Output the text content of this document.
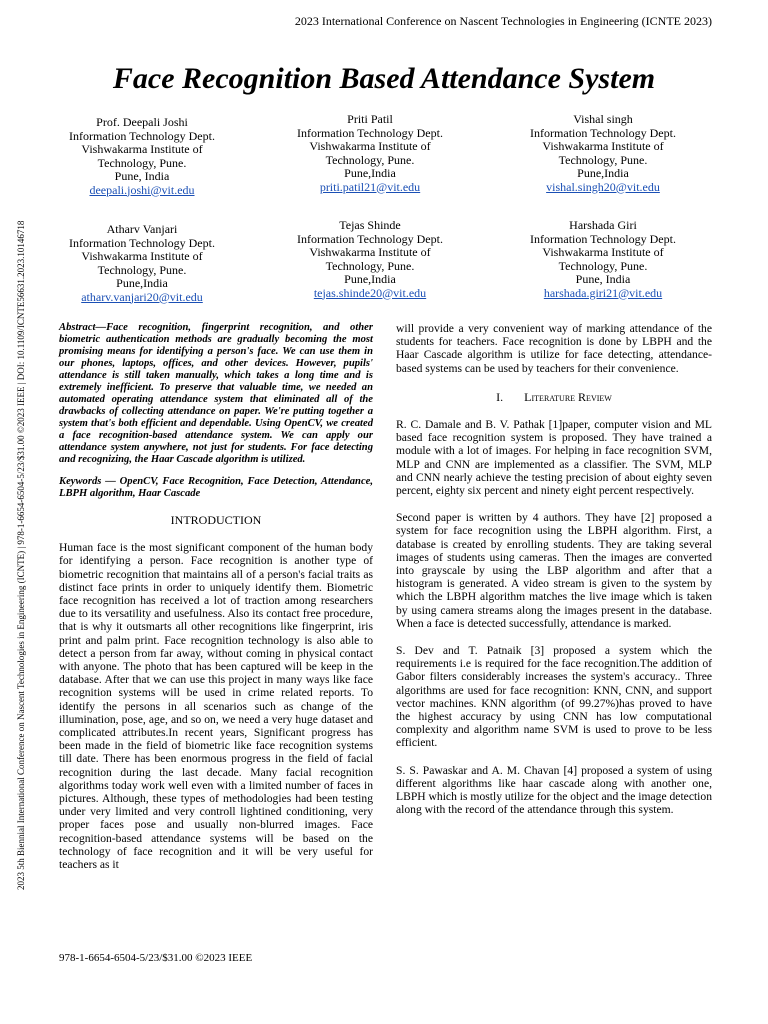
2023 International Conference on Nascent Technologies in Engineering (ICNTE 2023)
Face Recognition Based Attendance System
2023 5th Biennial International Conference on Nascent Technologies in Engineering (ICNTE) | 978-1-6654-6504-5/23/$31.00 ©2023 IEEE | DOI: 10.1109/ICNTE56631.2023.10146718
Prof. Deepali Joshi
Information Technology Dept.
Vishwakarma Institute of
Technology, Pune.
Pune, India
deepali.joshi@vit.edu
Priti Patil
Information Technology Dept.
Vishwakarma Institute of
Technology, Pune.
Pune,India
priti.patil21@vit.edu
Vishal singh
Information Technology Dept.
Vishwakarma Institute of
Technology, Pune.
Pune,India
vishal.singh20@vit.edu
Atharv Vanjari
Information Technology Dept.
Vishwakarma Institute of
Technology, Pune.
Pune,India
atharv.vanjari20@vit.edu
Tejas Shinde
Information Technology Dept.
Vishwakarma Institute of
Technology, Pune.
Pune,India
tejas.shinde20@vit.edu
Harshada Giri
Information Technology Dept.
Vishwakarma Institute of
Technology, Pune.
Pune, India
harshada.giri21@vit.edu

Abstract—Face recognition, fingerprint recognition, and other biometric authentication methods are gradually becoming the most promising means for identifying a person's face. We can use them in our phones, laptops, offices, and other devices. However, pupils' attendance is still taken manually, which takes a long time and is extremely inefficient. To preserve that valuable time, we needed an automated operating attendance system that eliminated all of the drawbacks of collecting attendance on paper. We're putting together a system that's both efficient and dependable. Using OpenCV, we created a face recognition-based attendance system. We can apply our attendance system anywhere, not just for students. For face detecting and recognizing, the Haar Cascade algorithm is utilized.

Keywords — OpenCV, Face Recognition, Face Detection, Attendance, LBPH algorithm, Haar Cascade

INTRODUCTION

Human face is the most significant component of the human body for identifying a person. Face recognition is another type of biometric recognition that maintains all of a person's facial traits as distinct face prints in order to uniquely identify them. Biometric face recognition has received a lot of traction among researchers due to its versatility and usefulness. Also its contact free procedure, that is why it outsmarts all other recognitions like fingerprint, iris print and palm print. Face recognition technology is also able to detect a person from far away, without coming in physical contact with anyone. The photo that has been captured will be keep in the database. After that we can use this project in many ways like face recognition systems will be used in crime related reports. To identify the persons in all scenarios such as change of the illumination, pose, age, and so on, we need a very huge dataset and complicated attributes.In recent years, Significant progress has been made in the field of biometric like face recognition systems till date. There has been enormous progress in the field of facial recognition during the last decade. Many facial recognition algorithms today work well even with a limited number of faces in pictures. Although, these types of methodologies had been testing under very limited and very controll lightined conditioning, very proper faces pose and usually non-blurred images. Face recognition-based attendance systems will be based on the technology of face recognition and it will be very useful for teachers as it

will provide a very convenient way of marking attendance of the students for teachers. Face recognition is done by LBPH and the Haar Cascade algorithm is utilize for face detecting, attendance-based systems can be used by teachers for their convenience.

I. Literature Review

R. C. Damale and B. V. Pathak [1]paper, computer vision and ML based face recognition system is proposed. They have trained a module with a lot of images. For helping in face recognition SVM, MLP and CNN are implemented as a classifier. The SVM, MLP and CNN nearly achieve the testing precision of about eighty seven percent, eighty six percent and ninety eight percent respectively.

Second paper is written by 4 authors. They have [2] proposed a system for face recognition using the LBPH algorithm. First, a database is created by enrolling students. They are taking several images of students using cameras. Then the images are converted into grayscale by using the LBP algorithm and after that a histogram is generated. A video stream is given to the system by which the LBPH algorithm matches the live image which is taken by using camera streams along the images present in the database. When a face is detected successfully, attendance is marked.

S. Dev and T. Patnaik [3] proposed a system which the requirements i.e is required for the face recognition.The addition of Gabor filters considerably increases the system's accuracy.. Three algorithms are used for face recognition: KNN, CNN, and support vector machines. KNN algorithm (of 99.27%)has proved to have the highest accuracy by using CNN has low computational complexity and algorithm name SVM is used to prove to be less efficient.

S. S. Pawaskar and A. M. Chavan [4] proposed a system of using different algorithms like haar cascade along with another one, LBPH which is mostly utilize for the object and the image detection along with the record of the attendance through this system.

978-1-6654-6504-5/23/$31.00 ©2023 IEEE
